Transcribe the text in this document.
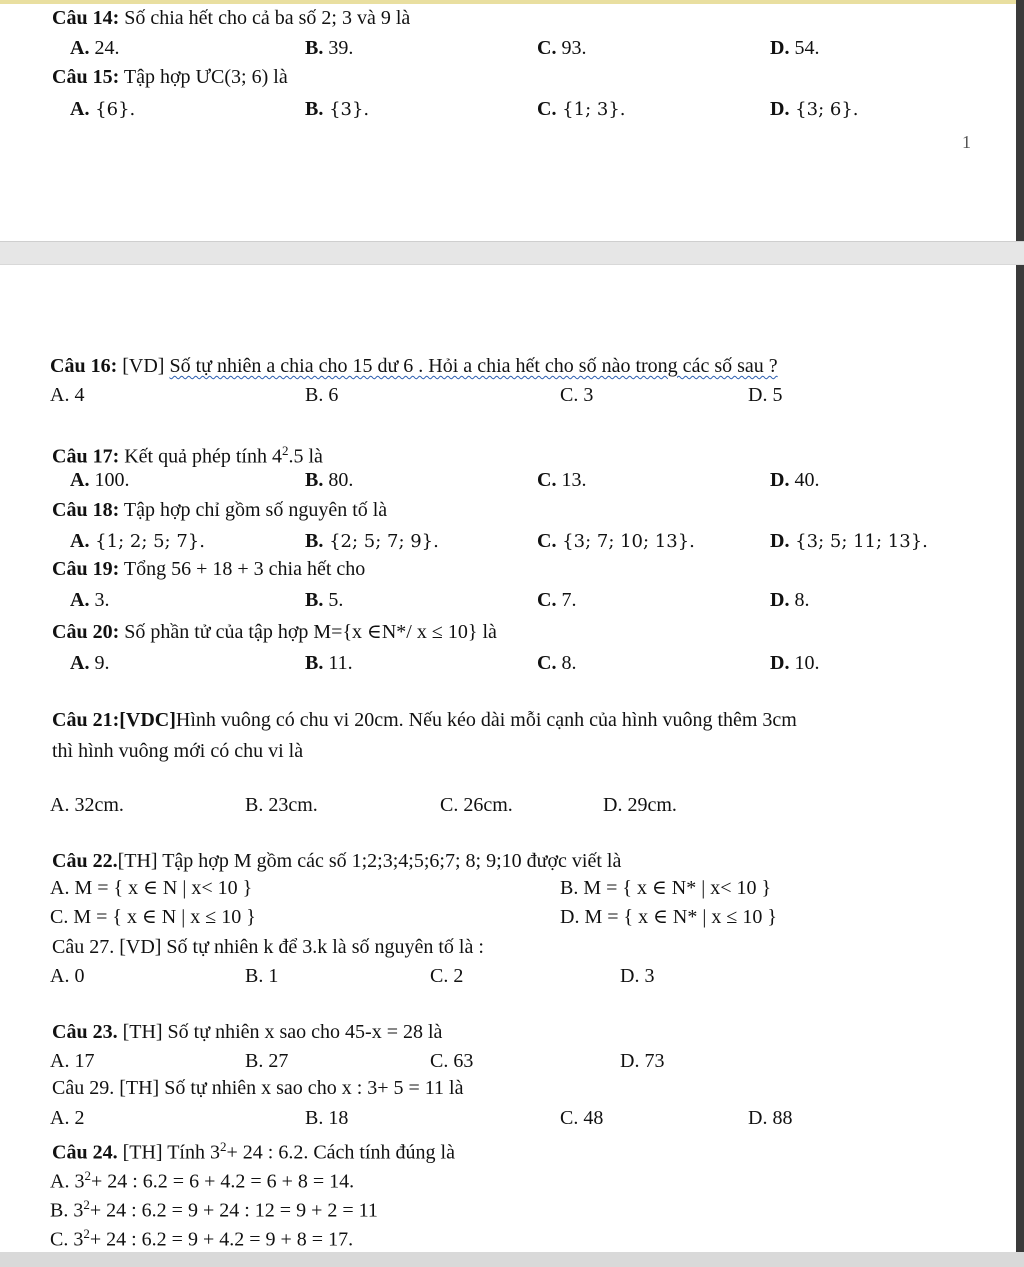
Câu 14: Số chia hết cho cả ba số 2; 3 và 9 là
A. 24.	B. 39.	C. 93.	D. 54.
Câu 15: Tập hợp ƯC(3; 6) là
A. {6}.	B. {3}.	C. {1; 3}.	D. {3; 6}.
1
Câu 16: [VD] Số tự nhiên a chia cho 15 dư 6 . Hỏi a chia hết cho số nào trong các số sau ?
A. 4	B. 6	C. 3	D. 5
Câu 17: Kết quả phép tính $4^2.5$ là
A. 100.	B. 80.	C. 13.	D. 40.
Câu 18: Tập hợp chỉ gồm số nguyên tố là
A. {1; 2; 5; 7}.	B. {2; 5; 7; 9}.	C. {3; 7; 10; 13}.	D. {3; 5; 11; 13}.
Câu 19: Tổng 56 + 18 + 3 chia hết cho
A. 3.	B. 5.	C. 7.	D. 8.
Câu 20: Số phần tử của tập hợp M={x ∈N*/ x ≤ 10} là
A. 9.	B. 11.	C. 8.	D. 10.
Câu 21:[VDC]Hình vuông có chu vi 20cm. Nếu kéo dài mỗi cạnh của hình vuông thêm 3cm
thì hình vuông mới có chu vi là
A. 32cm.	B. 23cm.	C. 26cm.	D. 29cm.
Câu 22.[TH] Tập hợp M gồm các số 1;2;3;4;5;6;7; 8; 9;10 được viết là
A. M = { x ∈ N | x< 10 }	B. M = { x ∈ N* | x< 10 }
C. M = { x ∈ N | x ≤ 10 }	D. M = { x ∈ N* | x ≤ 10 }
Câu 27. [VD] Số tự nhiên k để 3.k là số nguyên tố là :
A. 0	B. 1	C. 2	D. 3
Câu 23. [TH] Số tự nhiên x sao cho 45-x = 28 là
A. 17	B. 27	C. 63	D. 73
Câu 29. [TH] Số tự nhiên x sao cho x : 3+ 5 = 11 là
A. 2	B. 18	C. 48	D. 88
Câu 24. [TH] Tính $3^2+ 24$ : 6.2. Cách tính đúng là
A. $3^2+ 24$ : 6.2 = 6 + 4.2 = 6 + 8 = 14.
B. $3^2+ 24$ : 6.2 = 9 + 24 : 12 = 9 + 2 = 11
C. $3^2+ 24$ : 6.2 = 9 + 4.2 = 9 + 8 = 17.
